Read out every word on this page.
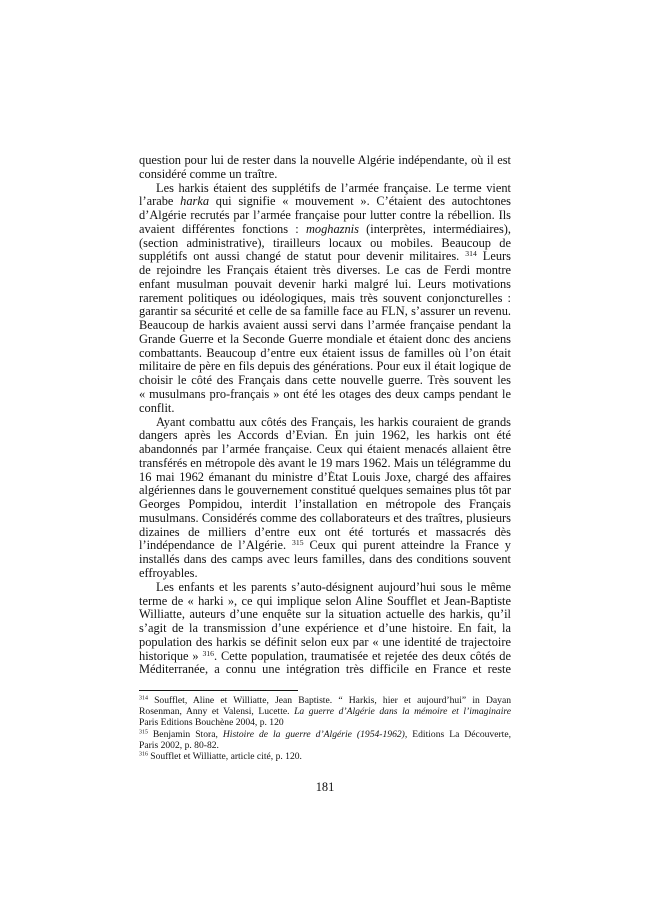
question pour lui de rester dans la nouvelle Algérie indépendante, où il est
considéré comme un traître.
Les harkis étaient des supplétifs de l’armée française. Le terme vient
l’arabe harka qui signifie « mouvement ». C’étaient des autochtones
d’Algérie recrutés par l’armée française pour lutter contre la rébellion. Ils
avaient différentes fonctions : moghaznis (interprètes, intermédiaires),
(section administrative), tirailleurs locaux ou mobiles. Beaucoup de
supplétifs ont aussi changé de statut pour devenir militaires. $^{314}$ Leurs
de rejoindre les Français étaient très diverses. Le cas de Ferdi montre
enfant musulman pouvait devenir harki malgré lui. Leurs motivations
rarement politiques ou idéologiques, mais très souvent conjoncturelles :
garantir sa sécurité et celle de sa famille face au FLN, s’assurer un revenu.
Beaucoup de harkis avaient aussi servi dans l’armée française pendant la
Grande Guerre et la Seconde Guerre mondiale et étaient donc des anciens
combattants. Beaucoup d’entre eux étaient issus de familles où l’on était
militaire de père en fils depuis des générations. Pour eux il était logique de
choisir le côté des Français dans cette nouvelle guerre. Très souvent les
« musulmans pro-français » ont été les otages des deux camps pendant le
conflit.
Ayant combattu aux côtés des Français, les harkis couraient de grands
dangers après les Accords d’Evian. En juin 1962, les harkis ont été
abandonnés par l’armée française. Ceux qui étaient menacés allaient être
transférés en métropole dès avant le 19 mars 1962. Mais un télégramme du
16 mai 1962 émanant du ministre d’État Louis Joxe, chargé des affaires
algériennes dans le gouvernement constitué quelques semaines plus tôt par
Georges Pompidou, interdit l’installation en métropole des Français
musulmans. Considérés comme des collaborateurs et des traîtres, plusieurs
dizaines de milliers d’entre eux ont été torturés et massacrés dès
l’indépendance de l’Algérie. $^{315}$ Ceux qui purent atteindre la France y
installés dans des camps avec leurs familles, dans des conditions souvent
effroyables.
Les enfants et les parents s’auto-désignent aujourd’hui sous le même
terme de « harki », ce qui implique selon Aline Soufflet et Jean-Baptiste
Williatte, auteurs d’une enquête sur la situation actuelle des harkis, qu’il
s’agit de la transmission d’une expérience et d’une histoire. En fait, la
population des harkis se définit selon eux par « une identité de trajectoire
historique » $^{316}$. Cette population, traumatisée et rejetée des deux côtés de
Méditerranée, a connu une intégration très difficile en France et reste
$^{314}$ Soufflet, Aline et Williatte, Jean Baptiste. “ Harkis, hier et aujourd’hui” in Dayan
Rosenman, Anny et Valensi, Lucette. La guerre d’Algérie dans la mémoire et l’imaginaire
Paris Editions Bouchène 2004, p. 120
$^{315}$ Benjamin Stora, Histoire de la guerre d’Algérie (1954-1962), Editions La Découverte,
Paris 2002, p. 80-82.
$^{316}$ Soufflet et Williatte, article cité, p. 120.
181
